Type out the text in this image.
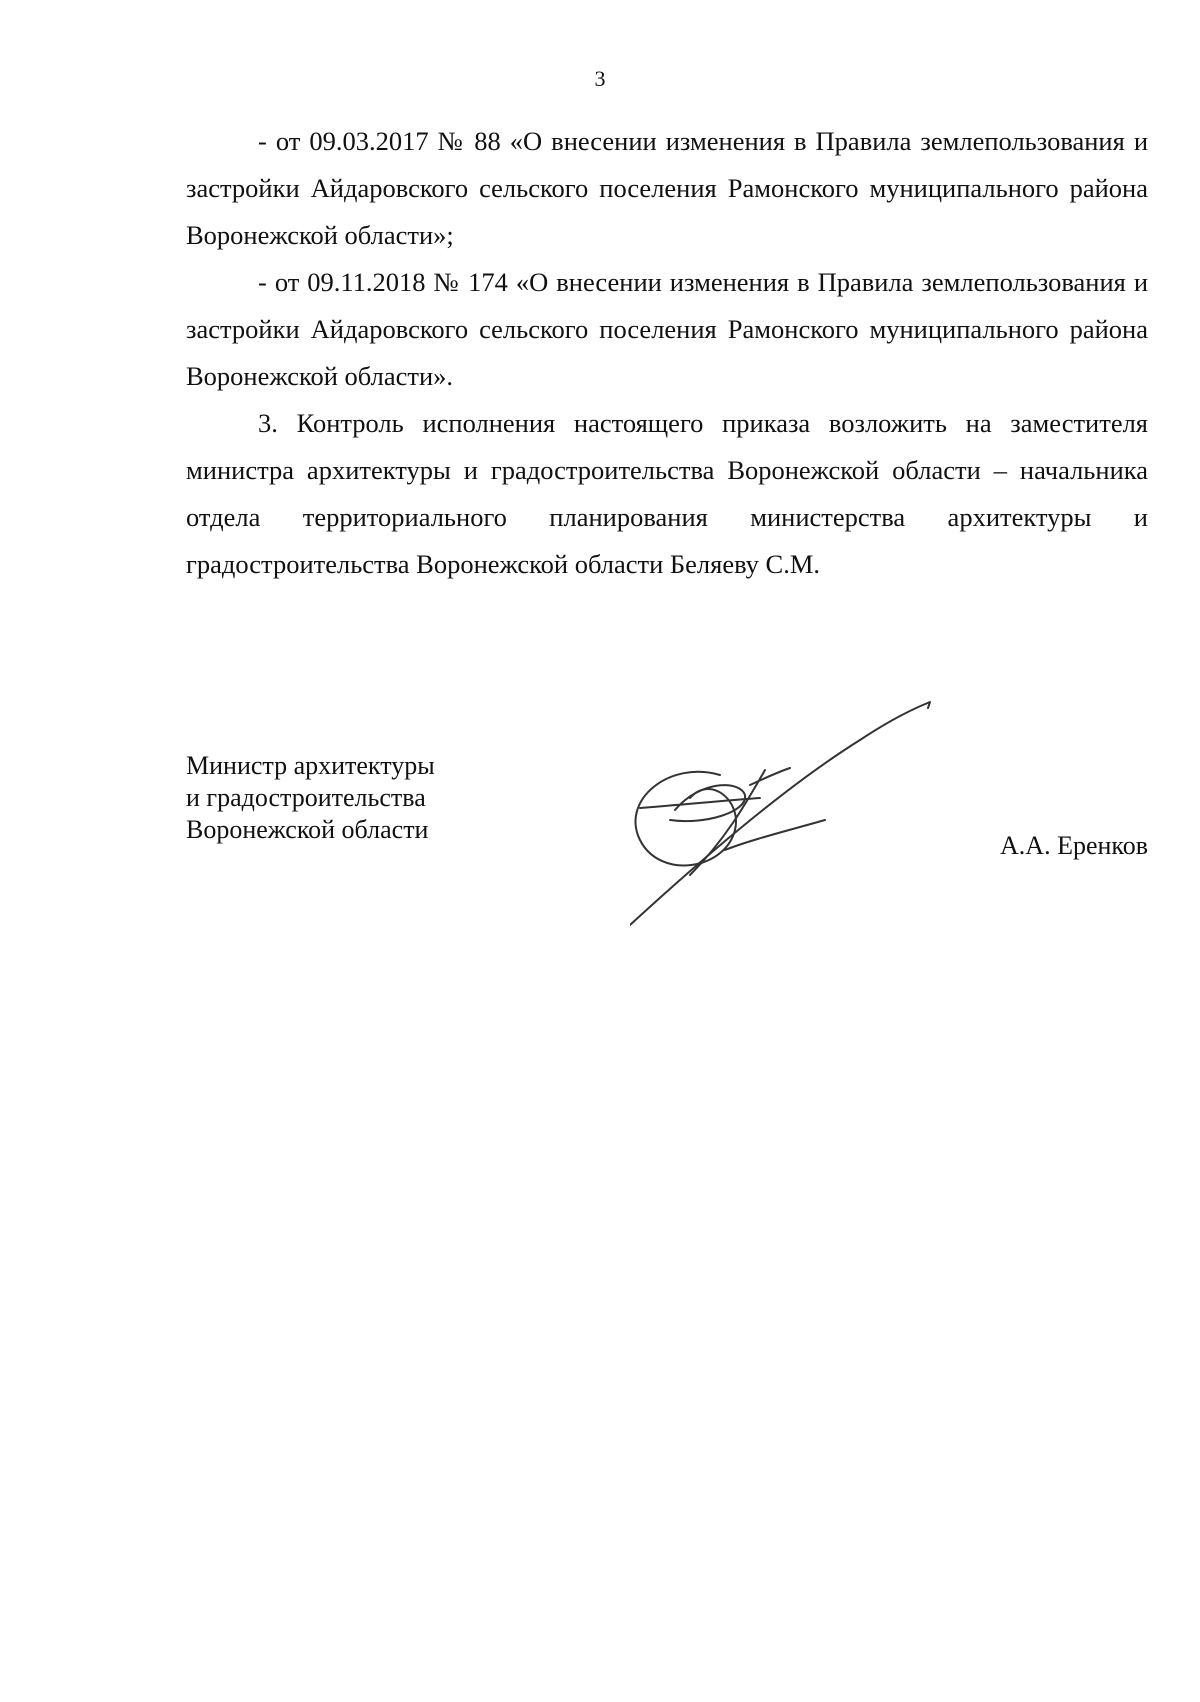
3

- от 09.03.2017 № 88 «О внесении изменения в Правила землепользования и застройки Айдаровского сельского поселения Рамонского муниципального района Воронежской области»;

- от 09.11.2018 № 174 «О внесении изменения в Правила землепользования и застройки Айдаровского сельского поселения Рамонского муниципального района Воронежской области».

3. Контроль исполнения настоящего приказа возложить на заместителя министра архитектуры и градостроительства Воронежской области – начальника отдела территориального планирования министерства архитектуры и градостроительства Воронежской области Беляеву С.М.

Министр архитектуры
и градостроительства
Воронежской области
А.А. Еренков
